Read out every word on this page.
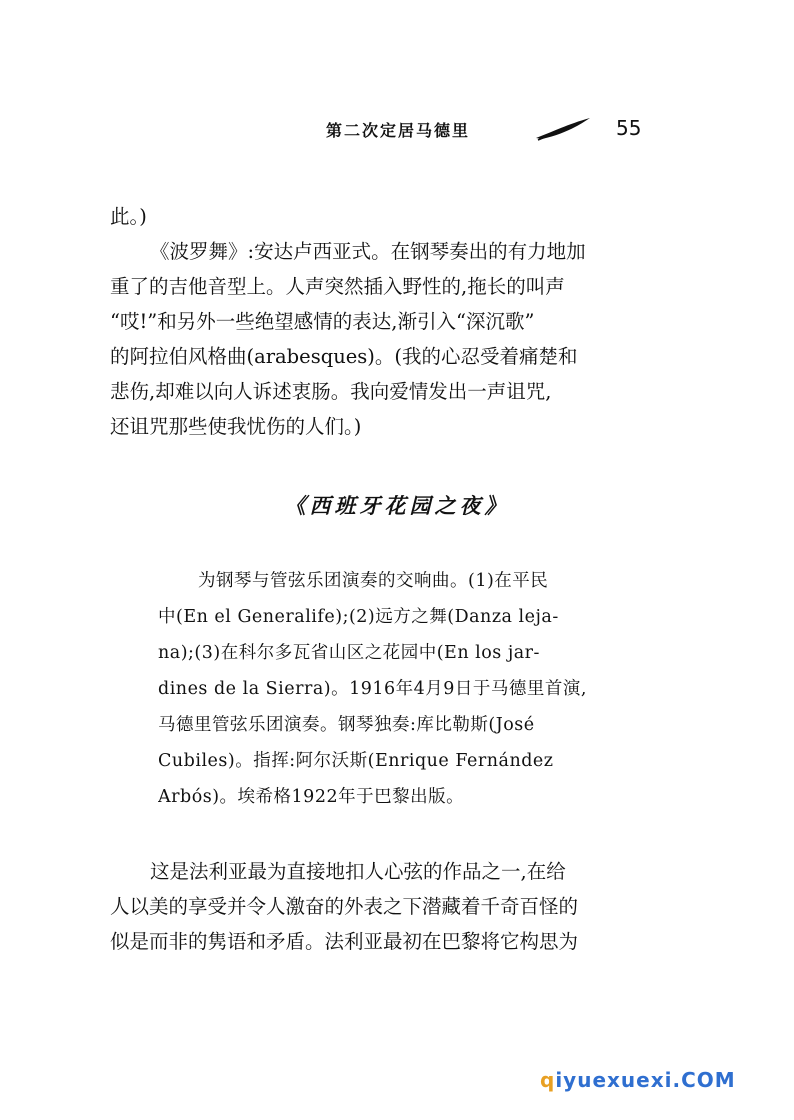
第二次定居马德里	55
此。)
《波罗舞》:安达卢西亚式。在钢琴奏出的有力地加
重了的吉他音型上。人声突然插入野性的,拖长的叫声
“哎!”和另外一些绝望感情的表达,渐引入“深沉歌”
的阿拉伯风格曲(arabesques)。(我的心忍受着痛楚和
悲伤,却难以向人诉述衷肠。我向爱情发出一声诅咒,
还诅咒那些使我忧伤的人们。)
《西班牙花园之夜》
为钢琴与管弦乐团演奏的交响曲。(1)在平民
中(En el Generalife);(2)远方之舞(Danza leja-
na);(3)在科尔多瓦省山区之花园中(En los jar-
dines de la Sierra)。1916年4月9日于马德里首演,
马德里管弦乐团演奏。钢琴独奏:库比勒斯(José
Cubiles)。指挥:阿尔沃斯(Enrique Fernández
Arbós)。埃希格1922年于巴黎出版。
这是法利亚最为直接地扣人心弦的作品之一,在给
人以美的享受并令人激奋的外表之下潜藏着千奇百怪的
似是而非的隽语和矛盾。法利亚最初在巴黎将它构思为
qiyuexuexi.COM
